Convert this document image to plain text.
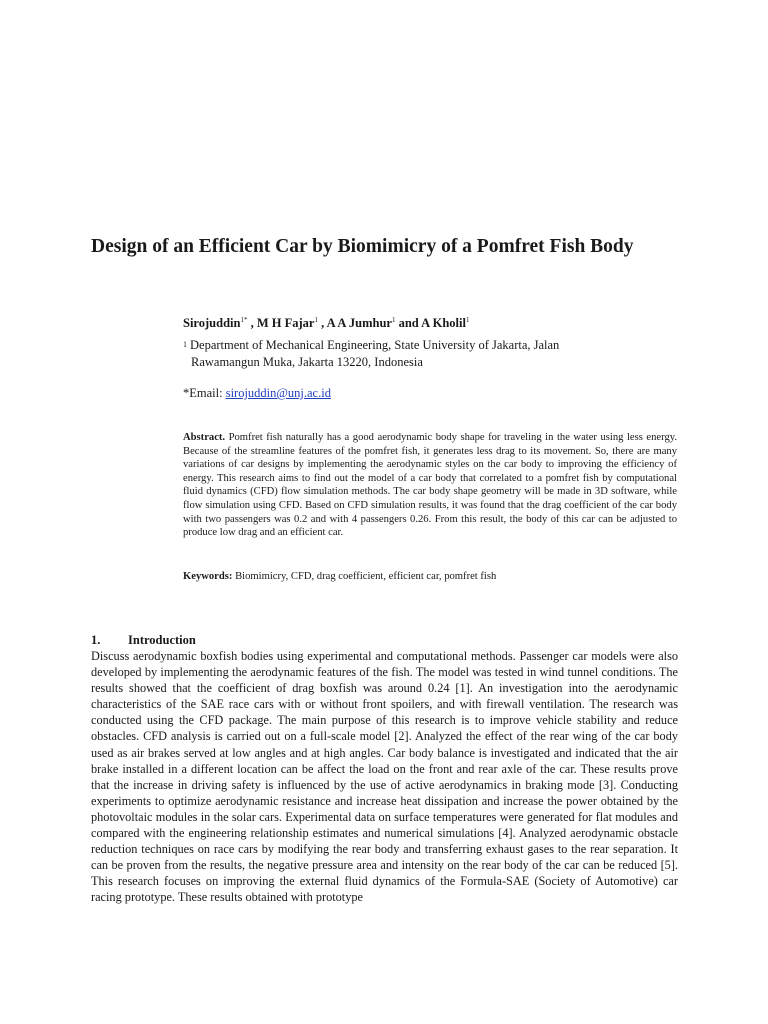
Design of an Efficient Car by Biomimicry of a Pomfret Fish Body

Sirojuddin$^{1*}$ , M H Fajar$^1$ , A A Jumhur$^1$ and A Kholil$^1$

$^1$ Department of Mechanical Engineering, State University of Jakarta, Jalan
Rawamangun Muka, Jakarta 13220, Indonesia
*Email: sirojuddin@unj.ac.id

Abstract. Pomfret fish naturally has a good aerodynamic body shape for traveling in the water using less energy. Because of the streamline features of the pomfret fish, it generates less drag to its movement. So, there are many variations of car designs by implementing the aerodynamic styles on the car body to improving the efficiency of energy. This research aims to find out the model of a car body that correlated to a pomfret fish by computational fluid dynamics (CFD) flow simulation methods. The car body shape geometry will be made in 3D software, while flow simulation using CFD. Based on CFD simulation results, it was found that the drag coefficient of the car body with two passengers was 0.2 and with 4 passengers 0.26. From this result, the body of this car can be adjusted to produce low drag and an efficient car.

Keywords: Biomimicry, CFD, drag coefficient, efficient car, pomfret fish

1. Introduction

Discuss aerodynamic boxfish bodies using experimental and computational methods. Passenger car models were also developed by implementing the aerodynamic features of the fish. The model was tested in wind tunnel conditions. The results showed that the coefficient of drag boxfish was around 0.24 [1]. An investigation into the aerodynamic characteristics of the SAE race cars with or without front spoilers, and with firewall ventilation. The research was conducted using the CFD package. The main purpose of this research is to improve vehicle stability and reduce obstacles. CFD analysis is carried out on a full-scale model [2]. Analyzed the effect of the rear wing of the car body used as air brakes served at low angles and at high angles. Car body balance is investigated and indicated that the air brake installed in a different location can be affect the load on the front and rear axle of the car. These results prove that the increase in driving safety is influenced by the use of active aerodynamics in braking mode [3]. Conducting experiments to optimize aerodynamic resistance and increase heat dissipation and increase the power obtained by the photovoltaic modules in the solar cars. Experimental data on surface temperatures were generated for flat modules and compared with the engineering relationship estimates and numerical simulations [4]. Analyzed aerodynamic obstacle reduction techniques on race cars by modifying the rear body and transferring exhaust gases to the rear separation. It can be proven from the results, the negative pressure area and intensity on the rear body of the car can be reduced [5]. This research focuses on improving the external fluid dynamics of the Formula-SAE (Society of Automotive) car racing prototype. These results obtained with prototype
